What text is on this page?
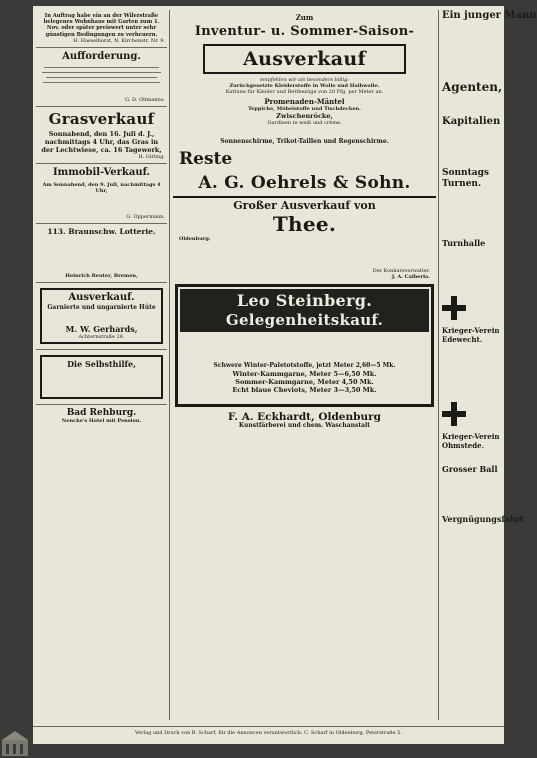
In Auftrag habe ein an der Wilerstraße belegenes Wohnhaus mit Garten zum 1. Nov. oder später preiswert unter sehr günstigen Bedingungen zu verheuern.
H. Hasselhorst, N. Kirchenstr. Nr. 9.
Aufforderung.
G. D. Oltmanns.
Grasverkauf
Sonnabend, den 16. Juli d. J., nachmittags 4 Uhr, das Gras in der Lechtwiese, ca. 16 Tagewerk,
H. Gitting.
Immobil-Verkauf.
Am Sonnabend, den 9. Juli, nachmittags 4 Uhr,
G. Oppermann.
113. Braunschw. Lotterie.
Heinrich Reuter, Bremen,
Ausverkauf.
Garnierte und ungarnierte Hüte
M. W. Gerhards,
Achternstraße 26.
Die Selbsthilfe,
Bad Rehburg.
Nencke's Hotel mit Pension.
Zum
Inventur- u. Sommer-Saison-
Ausverkauf
empfehlen wir als besonders billig:
Zurückgesetzte Kleiderstoffe in Wolle und Halbwolle.
Kattune für Kleider und Bettbezüge von 20 Pfg. per Meter an.
Promenaden-Mäntel
Teppiche, Möbelstoffe und Tischdecken.
Zwischenröcke,
Gardinen in weiß und crème.
Sonnenschirme, Trikot-Taillen und Regenschirme.
Reste
A. G. Oehrels & Sohn.
Großer Ausverkauf von
Thee.
Oldenburg.
Der Konkursverwalter.
J. A. Calberla.
Leo Steinberg.
Gelegenheitskauf.
Schwere Winter-Paletotstoffe, jetzt Meter 2,60—5 Mk.
Winter-Kammgarne, Meter 5—6,50 Mk.
Sommer-Kammgarne, Meter 4,50 Mk.
Echt blaue Cheviots, Meter 3—3,50 Mk.
F. A. Eckhardt, Oldenburg
Kunstfärberei und chem. Waschanstalt
Ein junger Mann
Agenten,
Kapitalien
Sonntags Turnen.
Turnhalle
Krieger-Verein Edewecht.
Krieger-Verein Ohmstede.
Grosser Ball
Vergnügungsfahrt
Verlag und Druck von B. Scharf, für die Annoncen verantwortlich: C. Scharf in Oldenburg, Peterstraße 5.
